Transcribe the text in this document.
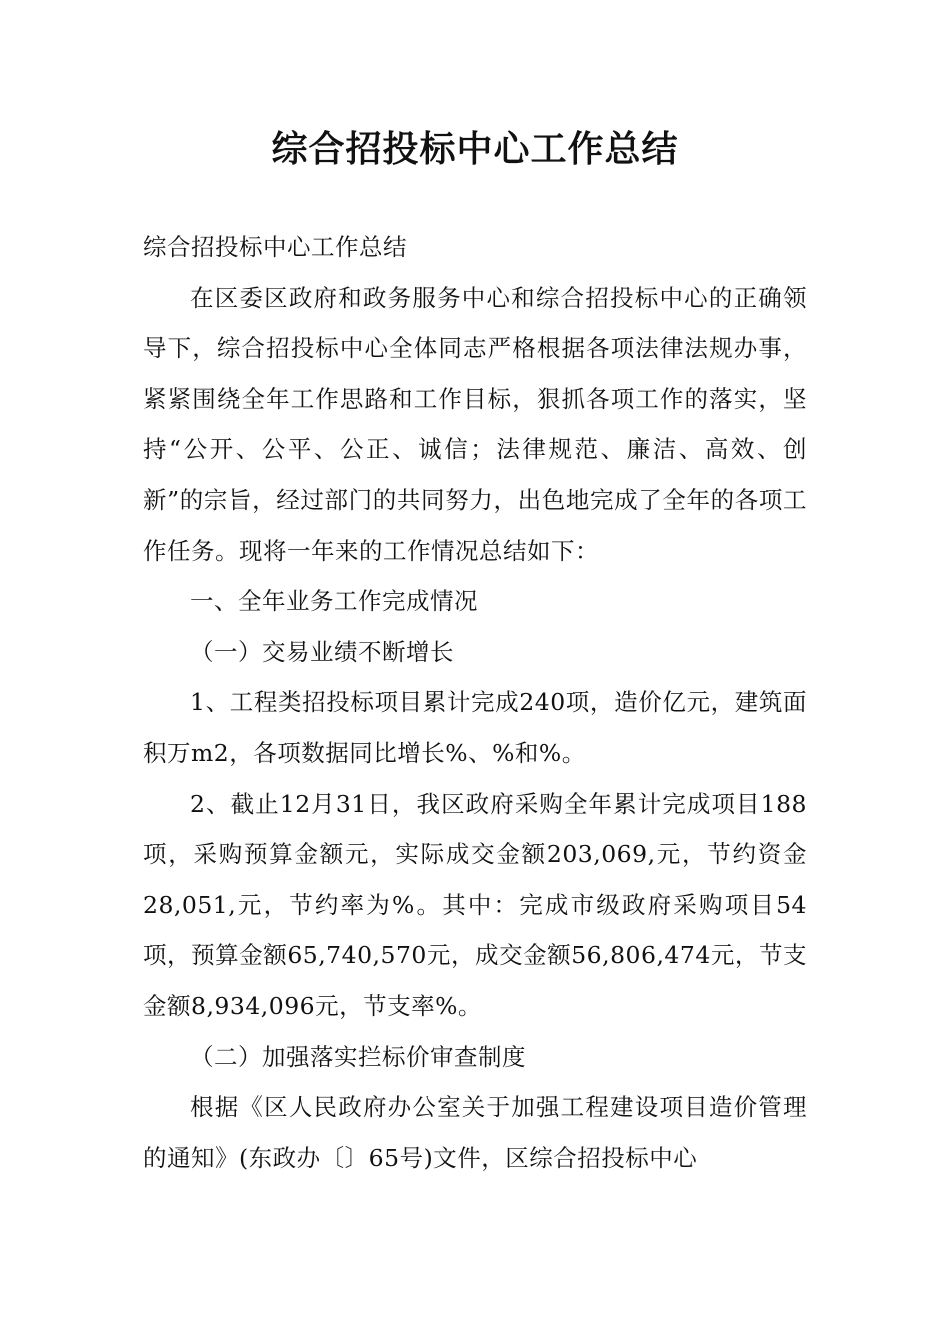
综合招投标中心工作总结

综合招投标中心工作总结

在区委区政府和政务服务中心和综合招投标中心的正确领导下，综合招投标中心全体同志严格根据各项法律法规办事，紧紧围绕全年工作思路和工作目标，狠抓各项工作的落实，坚持“公开、公平、公正、诚信；法律规范、廉洁、高效、创新”的宗旨，经过部门的共同努力，出色地完成了全年的各项工作任务。现将一年来的工作情况总结如下：

一、全年业务工作完成情况

（一）交易业绩不断增长

1、工程类招投标项目累计完成240项，造价亿元，建筑面积万m2，各项数据同比增长%、%和%。

2、截止12月31日，我区政府采购全年累计完成项目188项，采购预算金额元，实际成交金额203,069,元，节约资金28,051,元，节约率为%。其中：完成市级政府采购项目54项，预算金额65,740,570元，成交金额56,806,474元，节支金额8,934,096元，节支率%。

（二）加强落实拦标价审查制度

根据《区人民政府办公室关于加强工程建设项目造价管理的通知》(东政办〔〕65号)文件，区综合招投标中心
